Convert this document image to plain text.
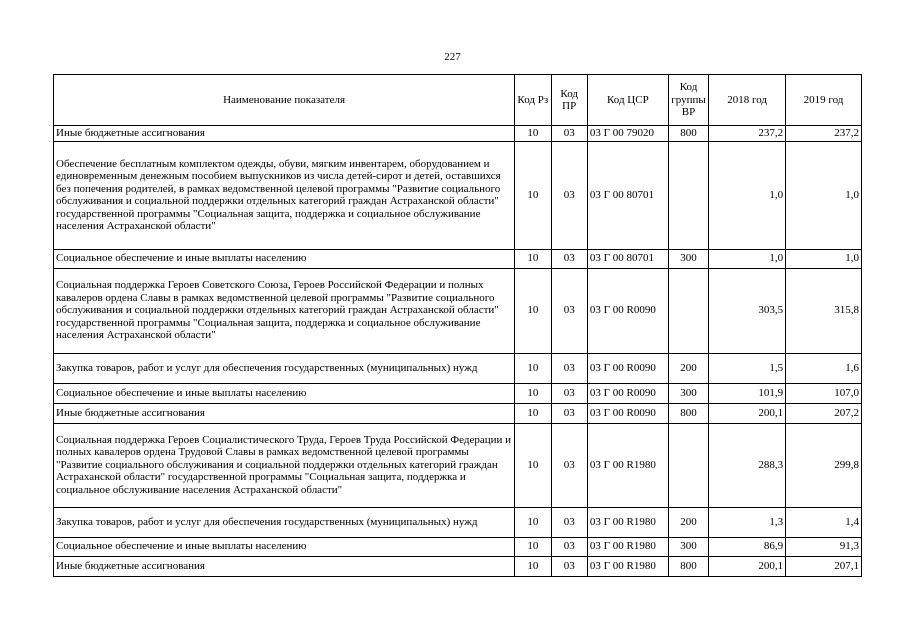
227
Наименование показателя	Код Рз	Код ПР	Код ЦСР	Код группы ВР	2018 год	2019 год
Иные бюджетные ассигнования	10	03	03 Г 00 79020	800	237,2	237,2
Обеспечение бесплатным комплектом одежды, обуви, мягким инвентарем, оборудованием и единовременным денежным пособием выпускников из числа детей-сирот и детей, оставшихся без попечения родителей, в рамках ведомственной целевой программы "Развитие социального обслуживания и социальной поддержки отдельных категорий граждан Астраханской области" государственной программы "Социальная защита, поддержка и социальное обслуживание населения Астраханской области"	10	03	03 Г 00 80701		1,0	1,0
Социальное обеспечение и иные выплаты населению	10	03	03 Г 00 80701	300	1,0	1,0
Социальная поддержка Героев Советского Союза, Героев Российской Федерации и полных кавалеров ордена Славы в рамках ведомственной целевой программы "Развитие социального обслуживания и социальной поддержки отдельных категорий граждан Астраханской области" государственной программы "Социальная защита, поддержка и социальное обслуживание населения Астраханской области"	10	03	03 Г 00 R0090		303,5	315,8
Закупка товаров, работ и услуг для обеспечения государственных (муниципальных) нужд	10	03	03 Г 00 R0090	200	1,5	1,6
Социальное обеспечение и иные выплаты населению	10	03	03 Г 00 R0090	300	101,9	107,0
Иные бюджетные ассигнования	10	03	03 Г 00 R0090	800	200,1	207,2
Социальная поддержка Героев Социалистического Труда, Героев Труда Российской Федерации и полных кавалеров ордена Трудовой Славы в рамках ведомственной целевой программы "Развитие социального обслуживания и социальной поддержки отдельных категорий граждан Астраханской области" государственной программы "Социальная защита, поддержка и социальное обслуживание населения Астраханской области"	10	03	03 Г 00 R1980		288,3	299,8
Закупка товаров, работ и услуг для обеспечения государственных (муниципальных) нужд	10	03	03 Г 00 R1980	200	1,3	1,4
Социальное обеспечение и иные выплаты населению	10	03	03 Г 00 R1980	300	86,9	91,3
Иные бюджетные ассигнования	10	03	03 Г 00 R1980	800	200,1	207,1
